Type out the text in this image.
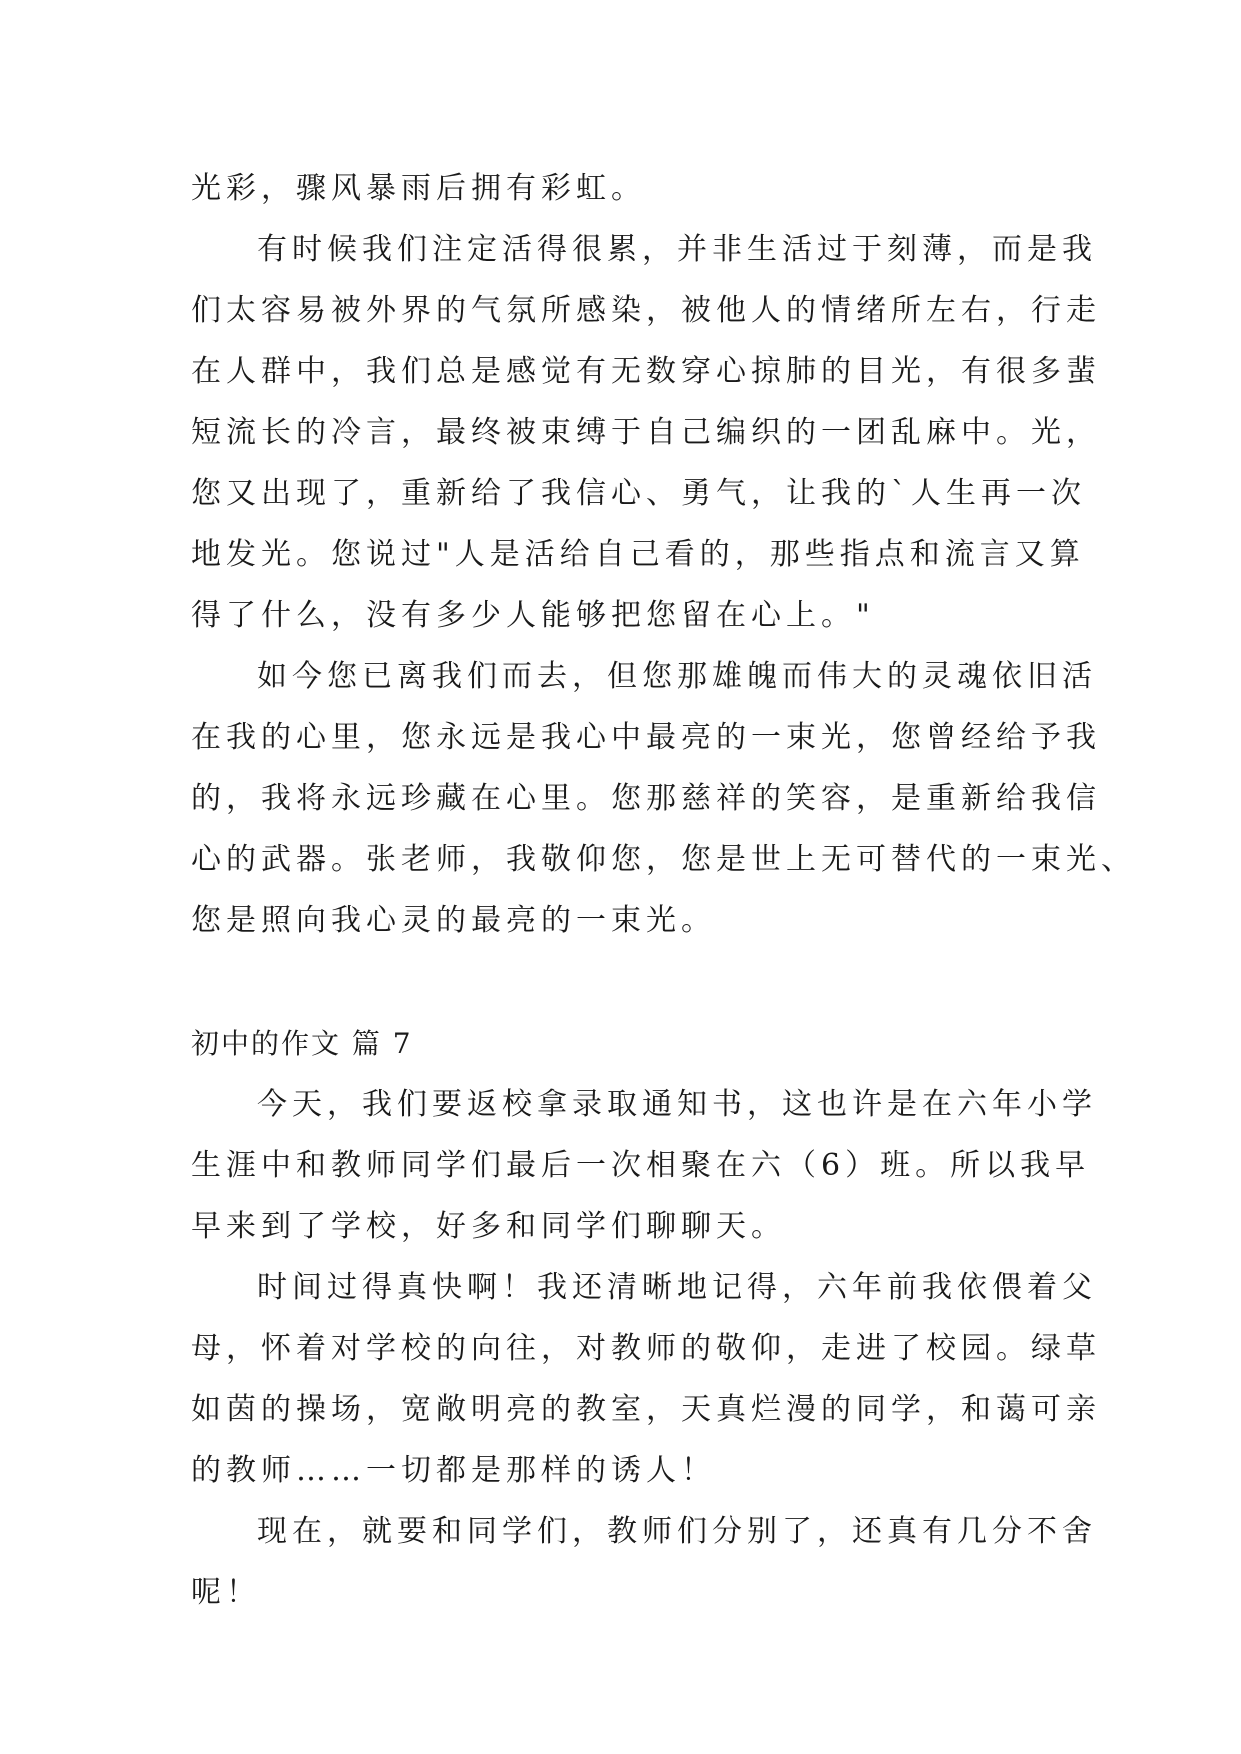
光彩，骤风暴雨后拥有彩虹。
有时候我们注定活得很累，并非生活过于刻薄，而是我
们太容易被外界的气氛所感染，被他人的情绪所左右，行走
在人群中，我们总是感觉有无数穿心掠肺的目光，有很多蜚
短流长的冷言，最终被束缚于自己编织的一团乱麻中。光，
您又出现了，重新给了我信心、勇气，让我的`人生再一次
地发光。您说过"人是活给自己看的，那些指点和流言又算
得了什么，没有多少人能够把您留在心上。"
如今您已离我们而去，但您那雄魄而伟大的灵魂依旧活
在我的心里，您永远是我心中最亮的一束光，您曾经给予我
的，我将永远珍藏在心里。您那慈祥的笑容，是重新给我信
心的武器。张老师，我敬仰您，您是世上无可替代的一束光、
您是照向我心灵的最亮的一束光。
初中的作文 篇 7
今天，我们要返校拿录取通知书，这也许是在六年小学
生涯中和教师同学们最后一次相聚在六（6）班。所以我早
早来到了学校，好多和同学们聊聊天。
时间过得真快啊！我还清晰地记得，六年前我依偎着父
母，怀着对学校的向往，对教师的敬仰，走进了校园。绿草
如茵的操场，宽敞明亮的教室，天真烂漫的同学，和蔼可亲
的教师……一切都是那样的诱人！
现在，就要和同学们，教师们分别了，还真有几分不舍
呢！
